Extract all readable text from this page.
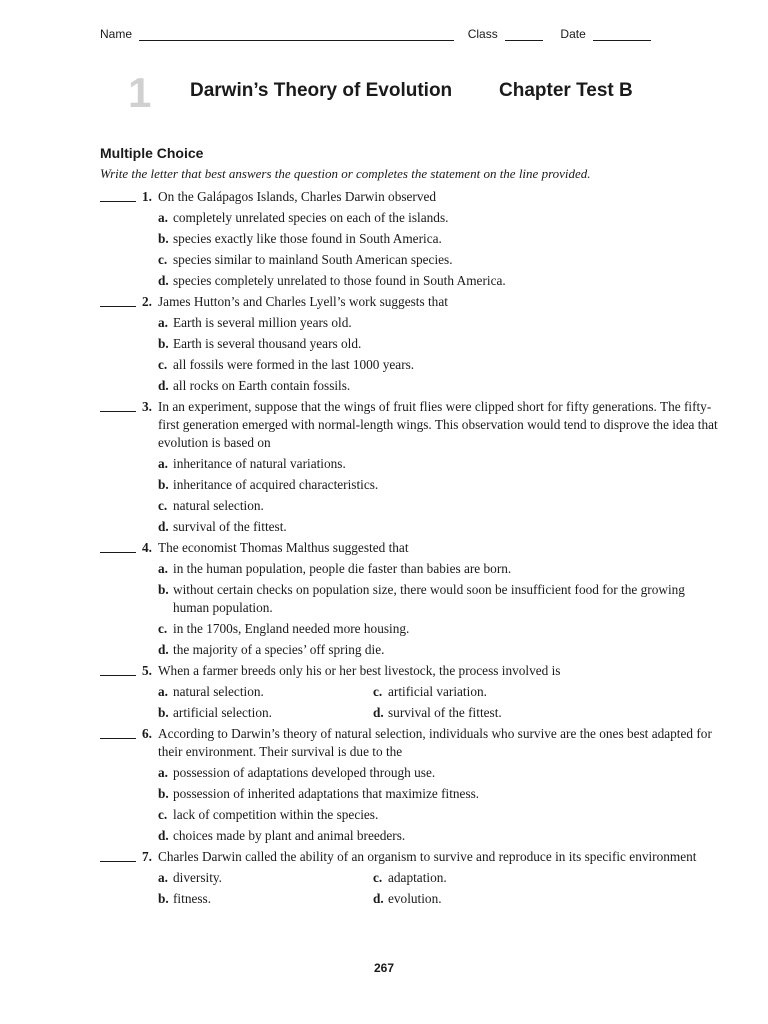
Name	Class	Date
1 Darwin’s Theory of Evolution Chapter Test B
Multiple Choice
Write the letter that best answers the question or completes the statement on the line provided.
1. On the Galápagos Islands, Charles Darwin observed
a. completely unrelated species on each of the islands.
b. species exactly like those found in South America.
c. species similar to mainland South American species.
d. species completely unrelated to those found in South America.
2. James Hutton’s and Charles Lyell’s work suggests that
a. Earth is several million years old.
b. Earth is several thousand years old.
c. all fossils were formed in the last 1000 years.
d. all rocks on Earth contain fossils.
3. In an experiment, suppose that the wings of fruit flies were clipped short for fifty generations. The fifty-first generation emerged with normal-length wings. This observation would tend to disprove the idea that evolution is based on
a. inheritance of natural variations.
b. inheritance of acquired characteristics.
c. natural selection.
d. survival of the fittest.
4. The economist Thomas Malthus suggested that
a. in the human population, people die faster than babies are born.
b. without certain checks on population size, there would soon be insufficient food for the growing human population.
c. in the 1700s, England needed more housing.
d. the majority of a species’ off spring die.
5. When a farmer breeds only his or her best livestock, the process involved is
a. natural selection.	c. artificial variation.
b. artificial selection.	d. survival of the fittest.
6. According to Darwin’s theory of natural selection, individuals who survive are the ones best adapted for their environment. Their survival is due to the
a. possession of adaptations developed through use.
b. possession of inherited adaptations that maximize fitness.
c. lack of competition within the species.
d. choices made by plant and animal breeders.
7. Charles Darwin called the ability of an organism to survive and reproduce in its specific environment
a. diversity.	c. adaptation.
b. fitness.	d. evolution.
267
